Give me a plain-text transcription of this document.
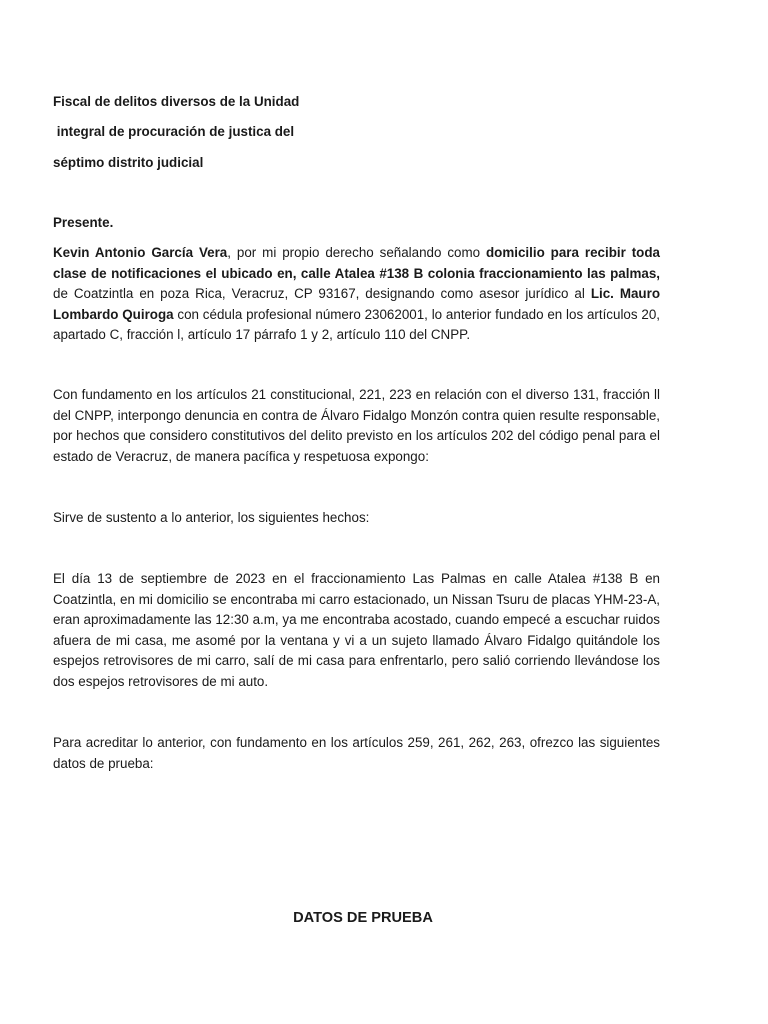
Fiscal de delitos diversos de la Unidad
integral de procuración de justica del
séptimo distrito judicial
Presente.

Kevin Antonio García Vera, por mi propio derecho señalando como domicilio para recibir toda clase de notificaciones el ubicado en, calle Atalea #138 B colonia fraccionamiento las palmas, de Coatzintla en poza Rica, Veracruz, CP 93167, designando como asesor jurídico al Lic. Mauro Lombardo Quiroga con cédula profesional número 23062001, lo anterior fundado en los artículos 20, apartado C, fracción l, artículo 17 párrafo 1 y 2, artículo 110 del CNPP.

Con fundamento en los artículos 21 constitucional, 221, 223 en relación con el diverso 131, fracción ll del CNPP, interpongo denuncia en contra de Álvaro Fidalgo Monzón contra quien resulte responsable, por hechos que considero constitutivos del delito previsto en los artículos 202 del código penal para el estado de Veracruz, de manera pacífica y respetuosa expongo:

Sirve de sustento a lo anterior, los siguientes hechos:

El día 13 de septiembre de 2023 en el fraccionamiento Las Palmas en calle Atalea #138 B en Coatzintla, en mi domicilio se encontraba mi carro estacionado, un Nissan Tsuru de placas YHM-23-A, eran aproximadamente las 12:30 a.m, ya me encontraba acostado, cuando empecé a escuchar ruidos afuera de mi casa, me asomé por la ventana y vi a un sujeto llamado Álvaro Fidalgo quitándole los espejos retrovisores de mi carro, salí de mi casa para enfrentarlo, pero salió corriendo llevándose los dos espejos retrovisores de mi auto.

Para acreditar lo anterior, con fundamento en los artículos 259, 261, 262, 263, ofrezco las siguientes datos de prueba:

DATOS DE PRUEBA
